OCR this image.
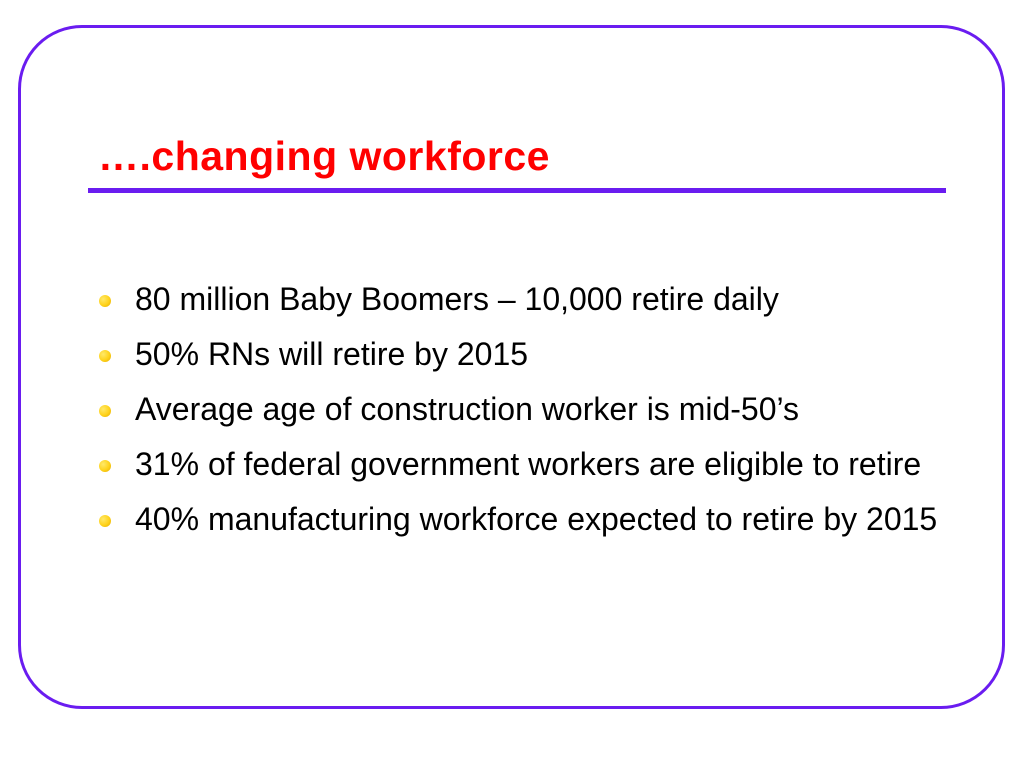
….changing workforce
80 million Baby Boomers – 10,000 retire daily
50% RNs will retire by 2015
Average age of construction worker is mid-50’s
31% of federal government workers are eligible to retire
40% manufacturing workforce expected to retire by 2015
